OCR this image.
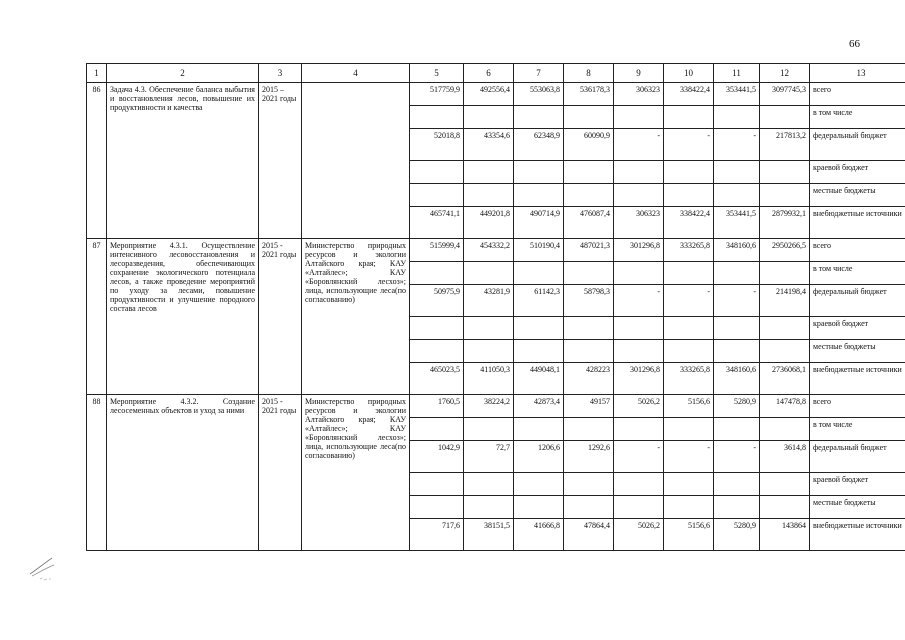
66
1	2	3	4	5	6	7	8	9	10	11	12	13
86	Задача 4.3. Обеспечение баланса выбытия и восстановления лесов, повышение их продуктивности и качества	2015 – 2021 годы		517759,9	492556,4	553063,8	536178,3	306323	338422,4	353441,5	3097745,3	всего
												в том числе
				52018,8	43354,6	62348,9	60090,9	-	-	-	217813,2	федеральный бюджет
												краевой бюджет
												местные бюджеты
				465741,1	449201,8	490714,9	476087,4	306323	338422,4	353441,5	2879932,1	внебюджетные источники
87	Мероприятие 4.3.1. Осуществление интенсивного лесовосстановления и лесоразведения, обеспечивающих сохранение экологического потенциала лесов, а также проведение мероприятий по уходу за лесами, повышение продуктивности и улучшение породного состава лесов	2015 - 2021 годы	Министерство природных ресурсов и экологии Алтайского края; КАУ «Алтайлес»; КАУ «Боровлянский лесхоз»; лица, использующие леса(по согласованию)	515999,4	454332,2	510190,4	487021,3	301296,8	333265,8	348160,6	2950266,5	всего
												в том числе
				50975,9	43281,9	61142,3	58798,3	-	-	-	214198,4	федеральный бюджет
												краевой бюджет
												местные бюджеты
				465023,5	411050,3	449048,1	428223	301296,8	333265,8	348160,6	2736068,1	внебюджетные источники
88	Мероприятие 4.3.2. Создание лесосеменных объектов и уход за ними	2015 - 2021 годы	Министерство природных ресурсов и экологии Алтайского края; КАУ «Алтайлес»; КАУ «Боровлянский лесхоз»; лица, использующие леса(по согласованию)	1760,5	38224,2	42873,4	49157	5026,2	5156,6	5280,9	147478,8	всего
												в том числе
				1042,9	72,7	1206,6	1292,6	-	-	-	3614,8	федеральный бюджет
												краевой бюджет
												местные бюджеты
				717,6	38151,5	41666,8	47864,4	5026,2	5156,6	5280,9	143864	внебюджетные источники
